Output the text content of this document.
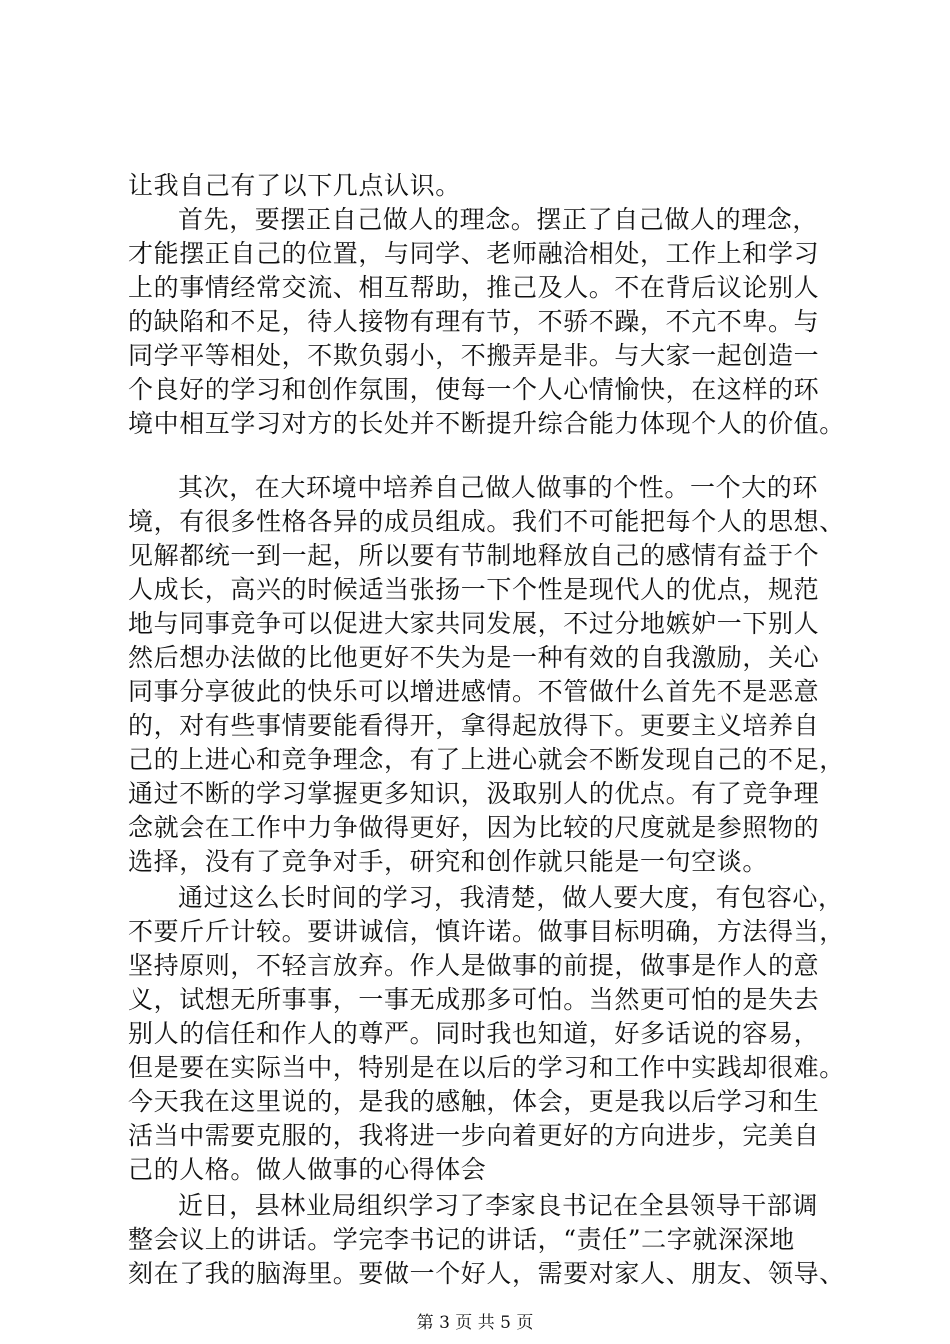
让我自己有了以下几点认识。
首先，要摆正自己做人的理念。摆正了自己做人的理念，
才能摆正自己的位置，与同学、老师融洽相处，工作上和学习
上的事情经常交流、相互帮助，推己及人。不在背后议论别人
的缺陷和不足，待人接物有理有节，不骄不躁，不亢不卑。与
同学平等相处，不欺负弱小，不搬弄是非。与大家一起创造一
个良好的学习和创作氛围，使每一个人心情愉快，在这样的环
境中相互学习对方的长处并不断提升综合能力体现个人的价值。
其次，在大环境中培养自己做人做事的个性。一个大的环
境，有很多性格各异的成员组成。我们不可能把每个人的思想、
见解都统一到一起，所以要有节制地释放自己的感情有益于个
人成长，高兴的时候适当张扬一下个性是现代人的优点，规范
地与同事竞争可以促进大家共同发展，不过分地嫉妒一下别人
然后想办法做的比他更好不失为是一种有效的自我激励，关心
同事分享彼此的快乐可以增进感情。不管做什么首先不是恶意
的，对有些事情要能看得开，拿得起放得下。更要主义培养自
己的上进心和竞争理念，有了上进心就会不断发现自己的不足，
通过不断的学习掌握更多知识，汲取别人的优点。有了竞争理
念就会在工作中力争做得更好，因为比较的尺度就是参照物的
选择，没有了竞争对手，研究和创作就只能是一句空谈。
通过这么长时间的学习，我清楚，做人要大度，有包容心，
不要斤斤计较。要讲诚信，慎许诺。做事目标明确，方法得当，
坚持原则，不轻言放弃。作人是做事的前提，做事是作人的意
义，试想无所事事，一事无成那多可怕。当然更可怕的是失去
别人的信任和作人的尊严。同时我也知道，好多话说的容易，
但是要在实际当中，特别是在以后的学习和工作中实践却很难。
今天我在这里说的，是我的感触，体会，更是我以后学习和生
活当中需要克服的，我将进一步向着更好的方向进步，完美自
己的人格。做人做事的心得体会
近日，县林业局组织学习了李家良书记在全县领导干部调
整会议上的讲话。学完李书记的讲话，“责任”二字就深深地
刻在了我的脑海里。要做一个好人，需要对家人、朋友、领导、
第 3 页 共 5 页
